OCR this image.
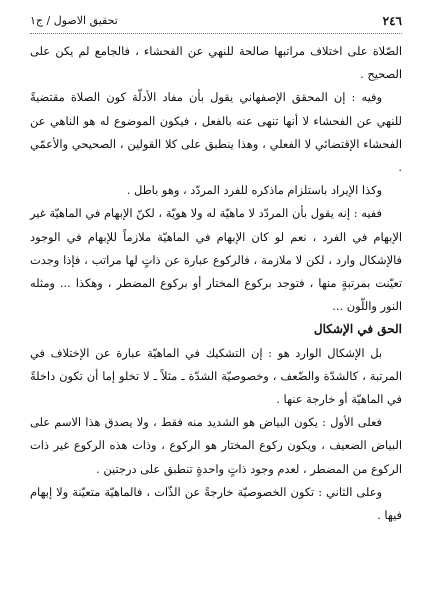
٢٤٦
تحقيق الاصول / ج١

الصّلاة على اختلاف مراتبها صالحة للنهي عن الفحشاء ، فالجامع لم يكن على الصحيح .

وفيه : إن المحقق الإصفهاني يقول بأن مفاد الأدلّة كون الصلاة مقتضيةً للنهي عن الفحشاء لا أنها تنهى عنه بالفعل ، فيكون الموضوع له هو الناهي عن الفحشاء الإقتضائي لا الفعلي ، وهذا ينطبق على كلا القولين ، الصحيحي والأعمّي .

وكذا الإيراد باستلزام ماذكره للفرد المردّد ، وهو باطل .

ففيه : إنه يقول بأن المردّد لا ماهيّة له ولا هويّة ، لكنّ الإبهام في الماهيّة غير الإبهام في الفرد ، نعم لو كان الإبهام في الماهيّة ملازماً للإبهام في الوجود فالإشكال وارد ، لكن لا ملازمة ، فالركوع عبارة عن ذاتٍ لها مراتب ، فإذا وجدت تعيّنت بمرتبةٍ منها ، فتوجد بركوع المختار أو بركوع المضطر ، وهكذا ... ومثله النور واللّون ...

الحق في الإشكال

بل الإشكال الوارد هو : إن التشكيك في الماهيّة عبارة عن الإختلاف في المرتبة ، كالشدّة والضّعف ، وخصوصيّة الشدّة ـ مثلاً ـ لا تخلو إما أن تكون داخلةً في الماهيّة أو خارجة عنها .

فعلى الأول : يكون البياض هو الشديد منه فقط ، ولا يصدق هذا الاسم على البياض الضعيف ، ويكون ركوع المختار هو الركوع ، وذات هذه الركوع غير ذات الركوع من المضطر ، لعدم وجود ذاتٍ واحدةٍ تنطبق على درجتين .

وعلى الثاني : تكون الخصوصيّة خارجةً عن الذّات ، فالماهيّة متعيّنة ولا إبهام فيها .
